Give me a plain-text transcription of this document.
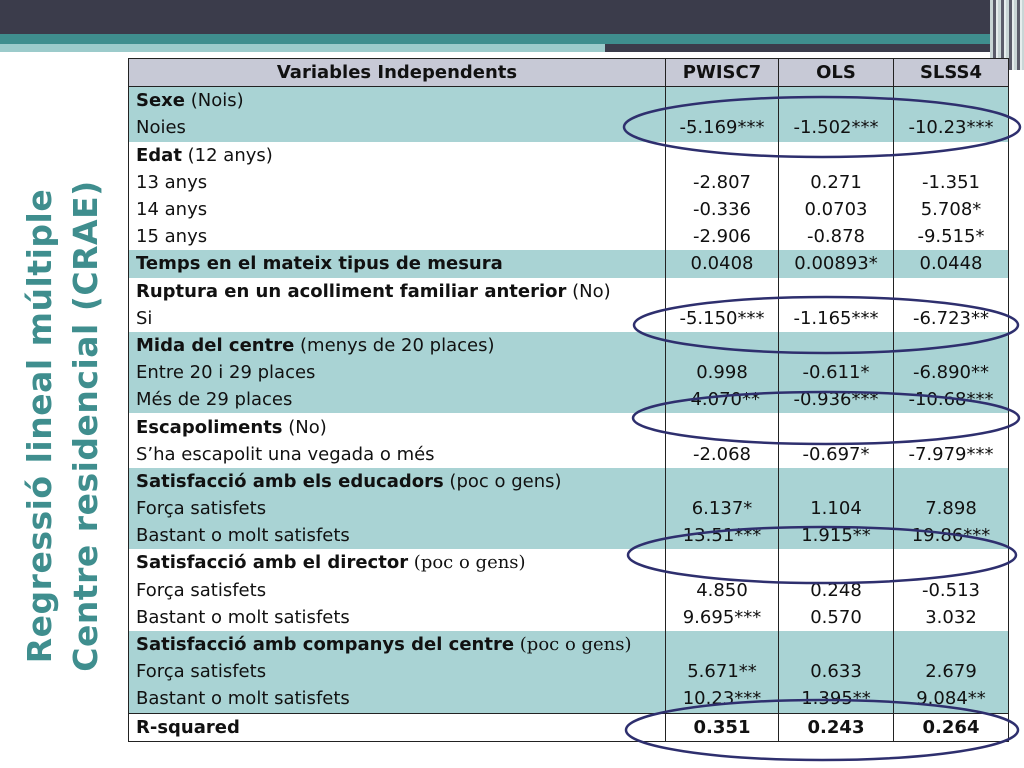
Regressió lineal múltiple Centre residencial (CRAE)
Variables Independents	PWISC7	OLS	SLSS4
Sexe (Nois)			
Noies	-5.169***	-1.502***	-10.23***
Edat (12 anys)			
13 anys	-2.807	0.271	-1.351
14 anys	-0.336	0.0703	5.708*
15 anys	-2.906	-0.878	-9.515*
Temps en el mateix tipus de mesura	0.0408	0.00893*	0.0448
Ruptura en un acolliment familiar anterior (No)			
Si	-5.150***	-1.165***	-6.723**
Mida del centre (menys de 20 places)			
Entre 20 i 29 places	0.998	-0.611*	-6.890**
Més de 29 places	-4.070**	-0.936***	-10.68***
Escapoliments (No)			
S’ha escapolit una vegada o més	-2.068	-0.697*	-7.979***
Satisfacció amb els educadors (poc o gens)			
Força satisfets	6.137*	1.104	7.898
Bastant o molt satisfets	13.51***	1.915**	19.86***
Satisfacció amb el director (poc o gens)			
Força satisfets	4.850	0.248	-0.513
Bastant o molt satisfets	9.695***	0.570	3.032
Satisfacció amb companys del centre (poc o gens)			
Força satisfets	5.671**	0.633	2.679
Bastant o molt satisfets	10.23***	1.395**	9.084**
R-squared	0.351	0.243	0.264
